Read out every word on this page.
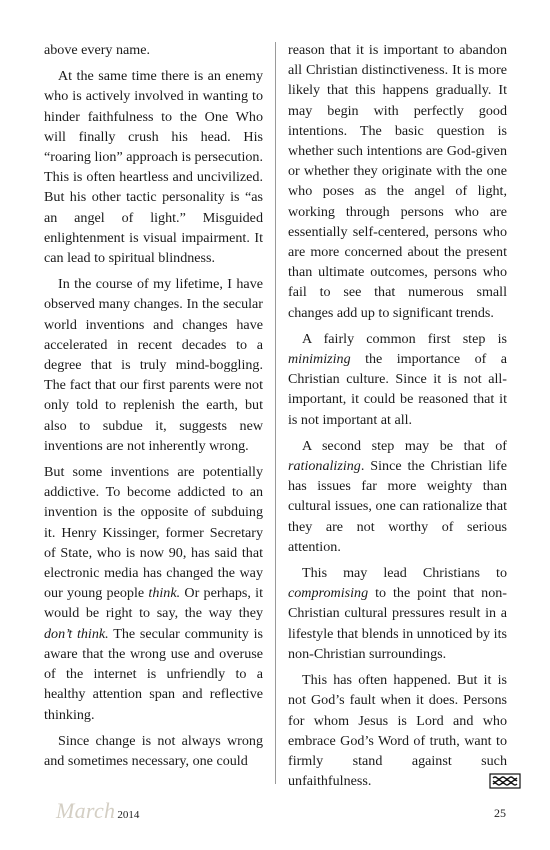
above every name.

At the same time there is an enemy who is actively involved in wanting to hinder faithfulness to the One Who will finally crush his head. His “roaring lion” approach is persecution. This is often heartless and uncivilized. But his other tactic personality is “as an angel of light.” Misguided enlightenment is visual impairment. It can lead to spiritual blindness.

In the course of my lifetime, I have observed many changes. In the secular world inventions and changes have accelerated in recent decades to a degree that is truly mind-boggling. The fact that our first parents were not only told to replenish the earth, but also to subdue it, suggests new inventions are not inherently wrong.

But some inventions are potentially addictive. To become addicted to an invention is the opposite of subduing it. Henry Kissinger, former Secretary of State, who is now 90, has said that electronic media has changed the way our young people think. Or perhaps, it would be right to say, the way they don’t think. The secular community is aware that the wrong use and overuse of the internet is unfriendly to a healthy attention span and reflective thinking.

Since change is not always wrong and sometimes necessary, one could

reason that it is important to abandon all Christian distinctiveness. It is more likely that this happens gradually. It may begin with perfectly good intentions. The basic question is whether such intentions are God-given or whether they originate with the one who poses as the angel of light, working through persons who are essentially self-centered, persons who are more concerned about the present than ultimate outcomes, persons who fail to see that numerous small changes add up to significant trends.

A fairly common first step is minimizing the importance of a Christian culture. Since it is not all-important, it could be reasoned that it is not important at all.

A second step may be that of rationalizing. Since the Christian life has issues far more weighty than cultural issues, one can rationalize that they are not worthy of serious attention.

This may lead Christians to compromising to the point that non-Christian cultural pressures result in a lifestyle that blends in unnoticed by its non-Christian surroundings.

This has often happened. But it is not God’s fault when it does. Persons for whom Jesus is Lord and who embrace God’s Word of truth, want to firmly stand against such unfaithfulness.

March 2014	25
